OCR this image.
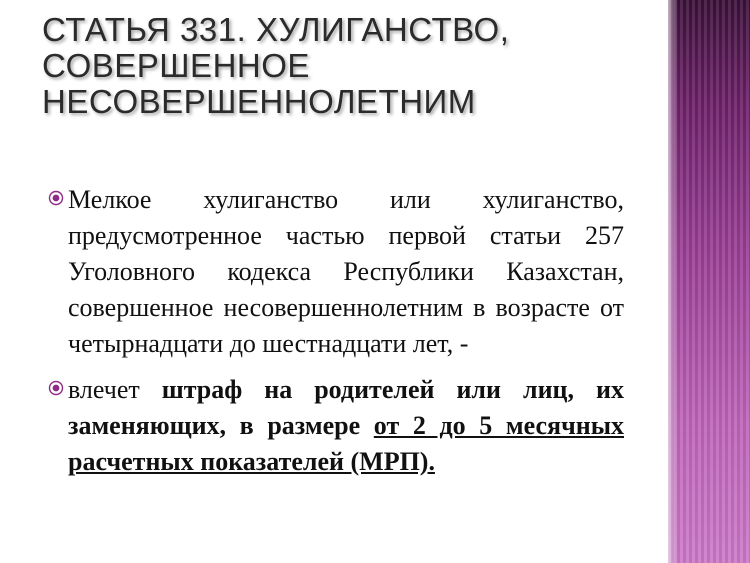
СТАТЬЯ 331. ХУЛИГАНСТВО,
СОВЕРШЕННОЕ
НЕСОВЕРШЕННОЛЕТНИМ
Мелкое хулиганство или хулиганство, предусмотренное частью первой статьи 257 Уголовного кодекса Республики Казахстан, совершенное несовершеннолетним в возрасте от четырнадцати до шестнадцати лет, -
влечет штраф на родителей или лиц, их заменяющих, в размере от 2 до 5 месячных расчетных показателей (МРП).
